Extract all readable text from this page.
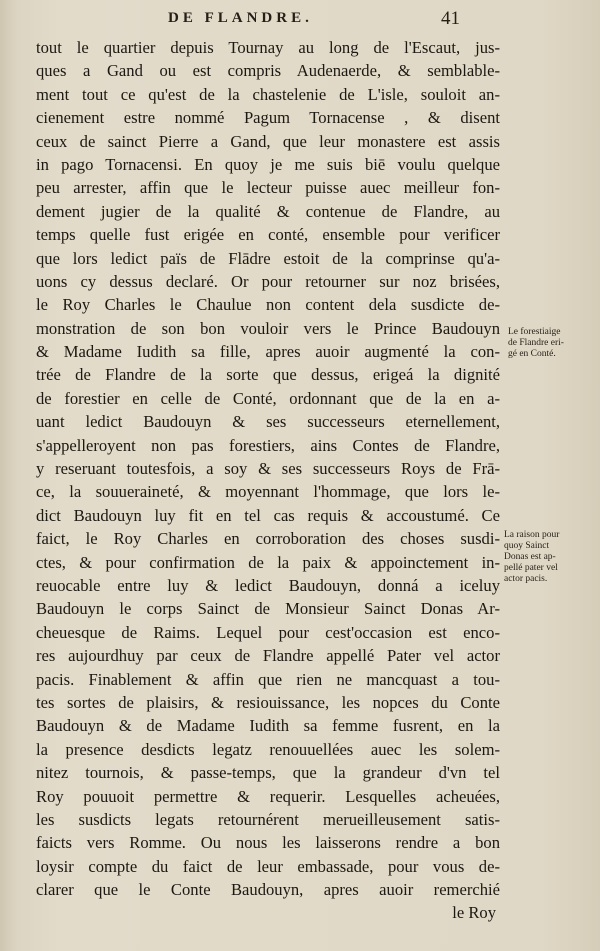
DE FLANDRE.	41
tout le quartier depuis Tournay au long de l'Escaut, jus-
ques a Gand ou est compris Audenaerde, & semblable-
ment tout ce qu'est de la chastelenie de L'isle, souloit an-
cienement estre nommé Pagum Tornacense , & disent
ceux de sainct Pierre a Gand, que leur monastere est assis
in pago Tornacensi. En quoy je me suis biē voulu quelque
peu arrester, affin que le lecteur puisse auec meilleur fon-
dement jugier de la qualité & contenue de Flandre, au
temps quelle fust erigée en conté, ensemble pour verificer
que lors ledict païs de Flādre estoit de la comprinse qu'a-
uons cy dessus declaré. Or pour retourner sur noz brisées,
le Roy Charles le Chaulue non content dela susdicte de-
monstration de son bon vouloir vers le Prince Baudouyn
& Madame Iudith sa fille, apres auoir augmenté la con-
trée de Flandre de la sorte que dessus, erigeá la dignité
de forestier en celle de Conté, ordonnant que de la en a-
uant ledict Baudouyn & ses successeurs eternellement,
s'appelleroyent non pas forestiers, ains Contes de Flandre,
y reseruant toutesfois, a soy & ses successeurs Roys de Frā-
ce, la souueraineté, & moyennant l'hommage, que lors le-
dict Baudouyn luy fit en tel cas requis & accoustumé. Ce
faict, le Roy Charles en corroboration des choses susdi-
ctes, & pour confirmation de la paix & appoinctement in-
reuocable entre luy & ledict Baudouyn, donná a iceluy
Baudouyn le corps Sainct de Monsieur Sainct Donas Ar-
cheuesque de Raims. Lequel pour cest'occasion est enco-
res aujourdhuy par ceux de Flandre appellé Pater vel actor
pacis. Finablement & affin que rien ne mancquast a tou-
tes sortes de plaisirs, & resiouissance, les nopces du Conte
Baudouyn & de Madame Iudith sa femme fusrent, en la
la presence desdicts legatz renouuellées auec les solem-
nitez tournois, & passe-temps, que la grandeur d'vn tel
Roy pouuoit permettre & requerir. Lesquelles acheuées,
les susdicts legats retournérent merueilleusement satis-
faicts vers Romme. Ou nous les laisserons rendre a bon
loysir compte du faict de leur embassade, pour vous de-
clarer que le Conte Baudouyn, apres auoir remerchié
le Roy
Le forestiaige
de Flandre eri-
gé en Conté.
La raison pour
quoy Sainct
Donas est ap-
pellé pater vel
actor pacis.
